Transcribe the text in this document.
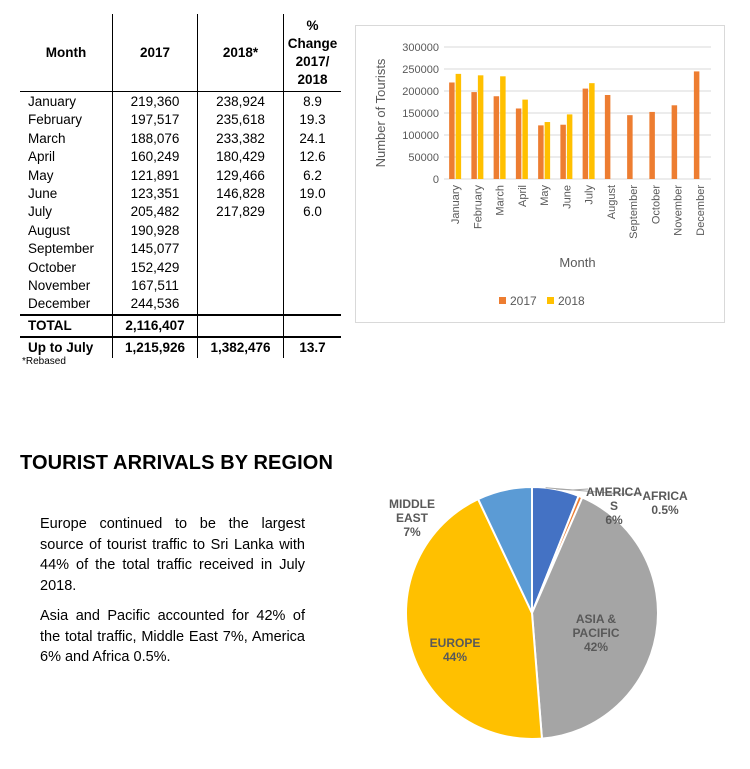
Month	2017	2018*	%
Change
2017/
2018
January	219,360	238,924	8.9
February	197,517	235,618	19.3
March	188,076	233,382	24.1
April	160,249	180,429	12.6
May	121,891	129,466	6.2
June	123,351	146,828	19.0
July	205,482	217,829	6.0
August	190,928		
September	145,077		
October	152,429		
November	167,511		
December	244,536		
TOTAL	2,116,407		
Up to July	1,215,926	1,382,476	13.7
*Rebased
0
50000
100000
150000
200000
250000
300000
January February March April May June July August September October November December
Number of Tourists
Month
2017 2018
TOURIST ARRIVALS BY REGION

Europe continued to be the largest source of tourist traffic to Sri Lanka with 44% of the total traffic received in July 2018.

Asia and Pacific accounted for 42% of the total traffic, Middle East 7%, America 6% and Africa 0.5%.

AMERICA S 6%
AFRICA 0.5%
ASIA & PACIFIC 42%
EUROPE 44%
MIDDLE EAST 7%
